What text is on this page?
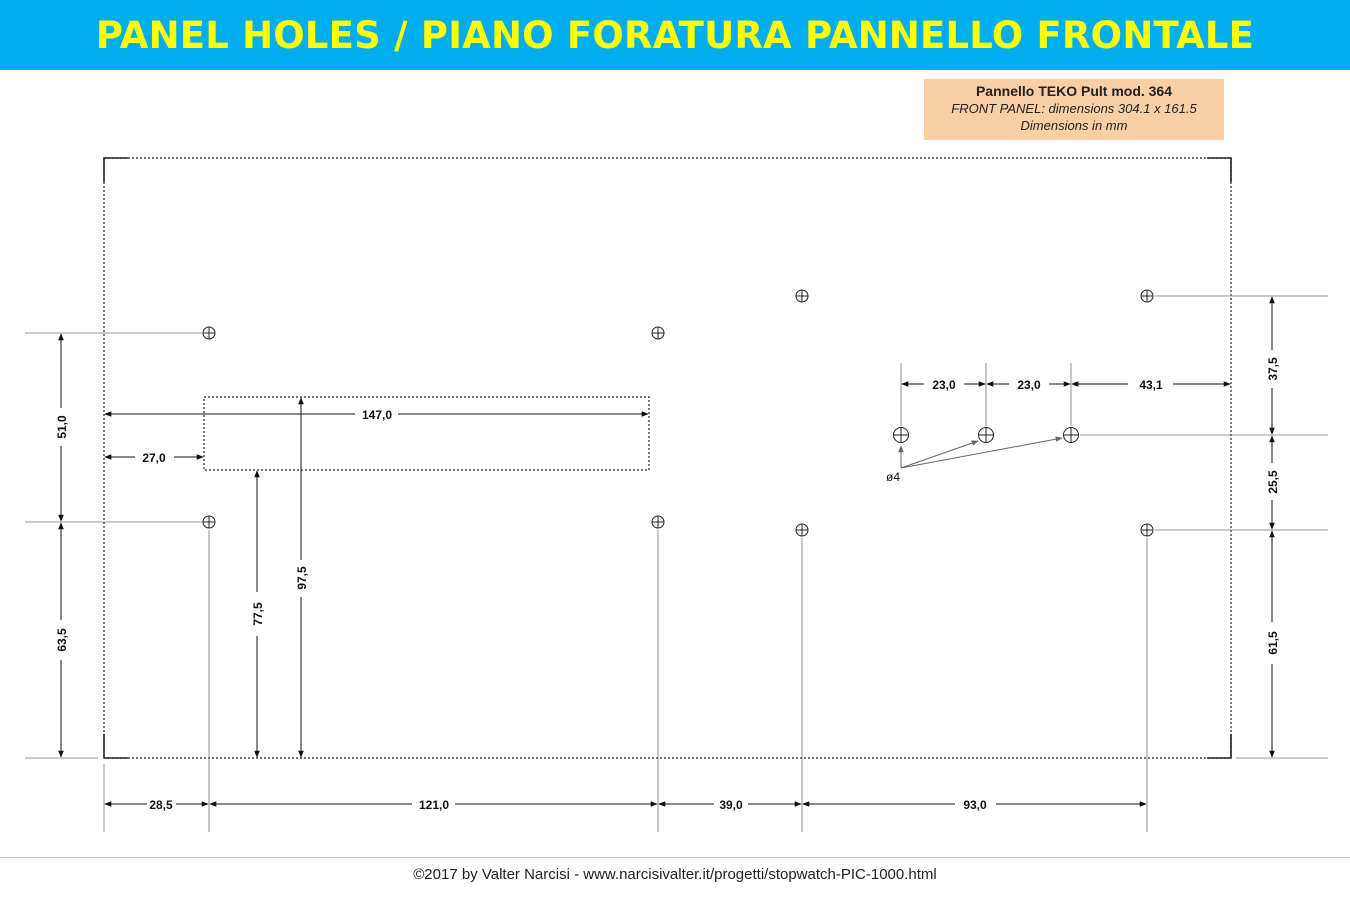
PANEL HOLES / PIANO FORATURA PANNELLO FRONTALE
Pannello TEKO Pult mod. 364
FRONT PANEL: dimensions 304.1 x 161.5
Dimensions in mm
ø4
28,5	121,0	39,0	93,0
51,0
63,5
37,5
25,5
61,5
23,0	23,0	43,1
147,0
27,0
77,5
97,5
©2017 by Valter Narcisi - www.narcisivalter.it/progetti/stopwatch-PIC-1000.html
